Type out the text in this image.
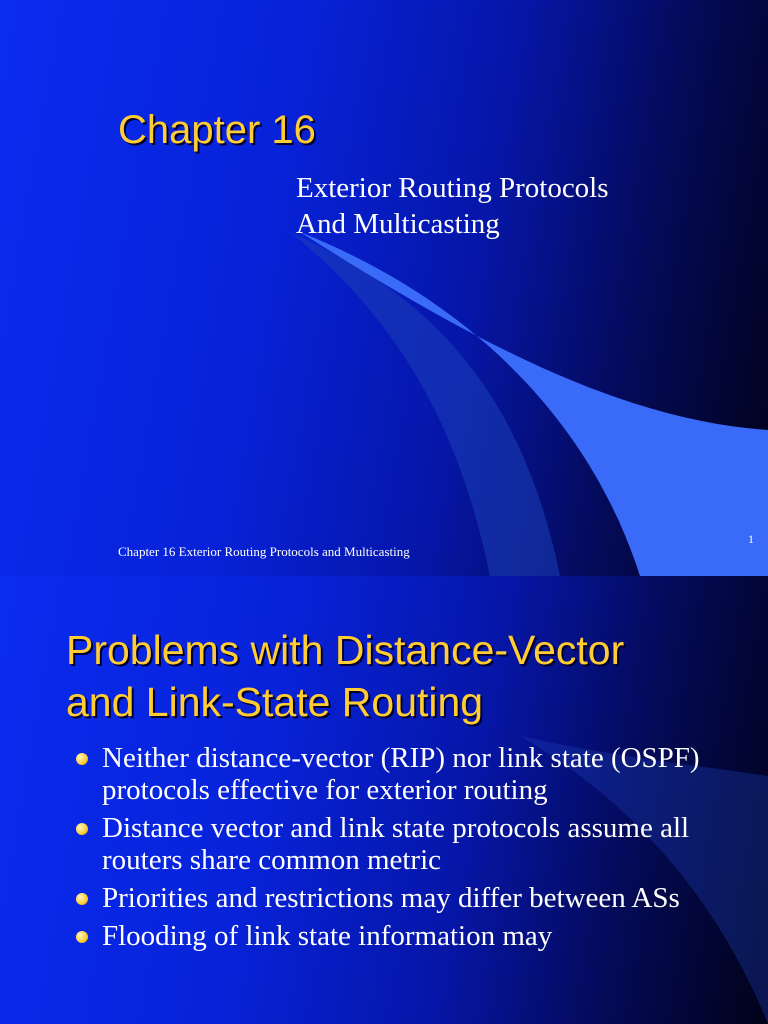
Chapter 16
Exterior Routing Protocols
And Multicasting
Chapter 16 Exterior Routing Protocols and Multicasting
1
Problems with Distance-Vector
and Link-State Routing
Neither distance-vector (RIP) nor link state (OSPF) protocols effective for exterior routing
Distance vector and link state protocols assume all routers share common metric
Priorities and restrictions may differ between ASs
Flooding of link state information may
